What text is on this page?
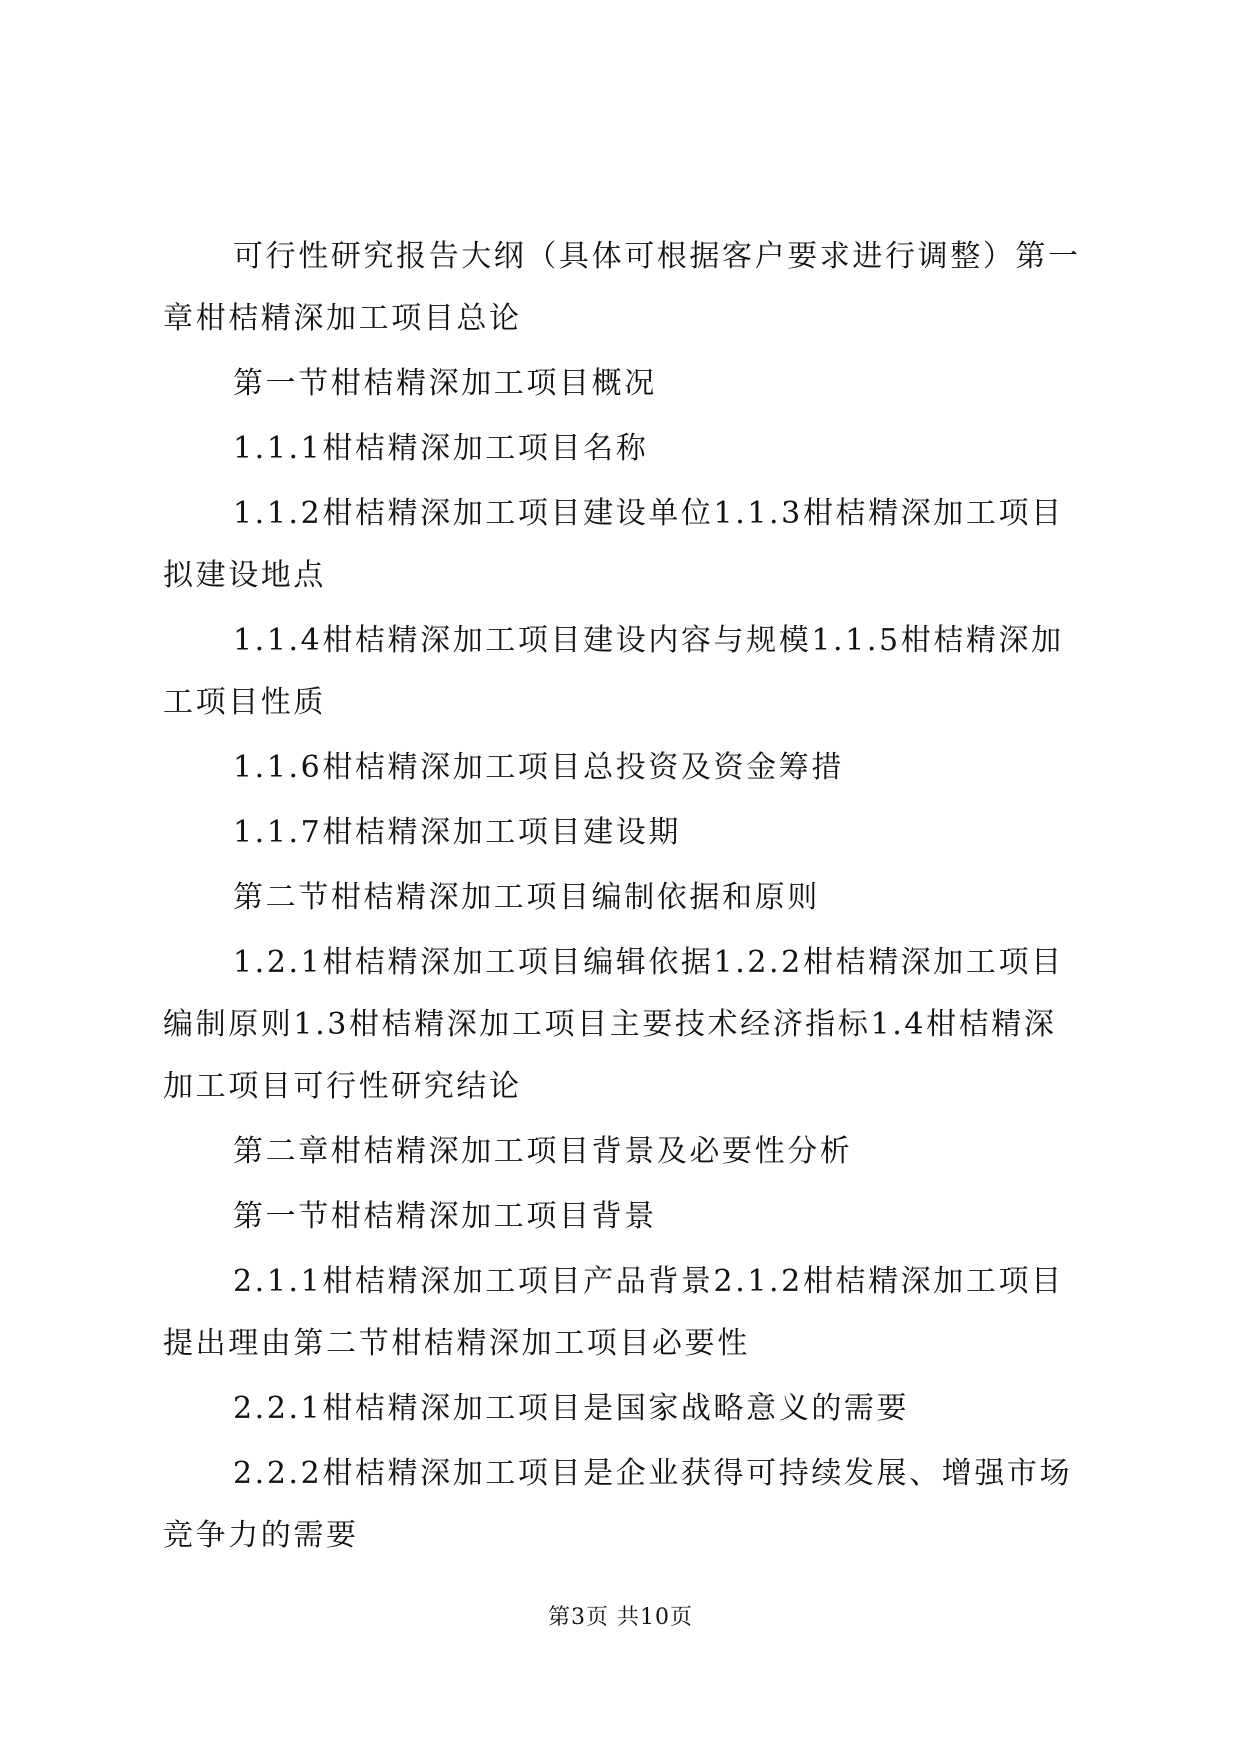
可行性研究报告大纲（具体可根据客户要求进行调整）第一章柑桔精深加工项目总论

第一节柑桔精深加工项目概况

1.1.1柑桔精深加工项目名称

1.1.2柑桔精深加工项目建设单位1.1.3柑桔精深加工项目拟建设地点

1.1.4柑桔精深加工项目建设内容与规模1.1.5柑桔精深加工项目性质

1.1.6柑桔精深加工项目总投资及资金筹措

1.1.7柑桔精深加工项目建设期

第二节柑桔精深加工项目编制依据和原则

1.2.1柑桔精深加工项目编辑依据1.2.2柑桔精深加工项目编制原则1.3柑桔精深加工项目主要技术经济指标1.4柑桔精深加工项目可行性研究结论

第二章柑桔精深加工项目背景及必要性分析

第一节柑桔精深加工项目背景

2.1.1柑桔精深加工项目产品背景2.1.2柑桔精深加工项目提出理由第二节柑桔精深加工项目必要性

2.2.1柑桔精深加工项目是国家战略意义的需要

2.2.2柑桔精深加工项目是企业获得可持续发展、增强市场竞争力的需要

第3页 共10页
